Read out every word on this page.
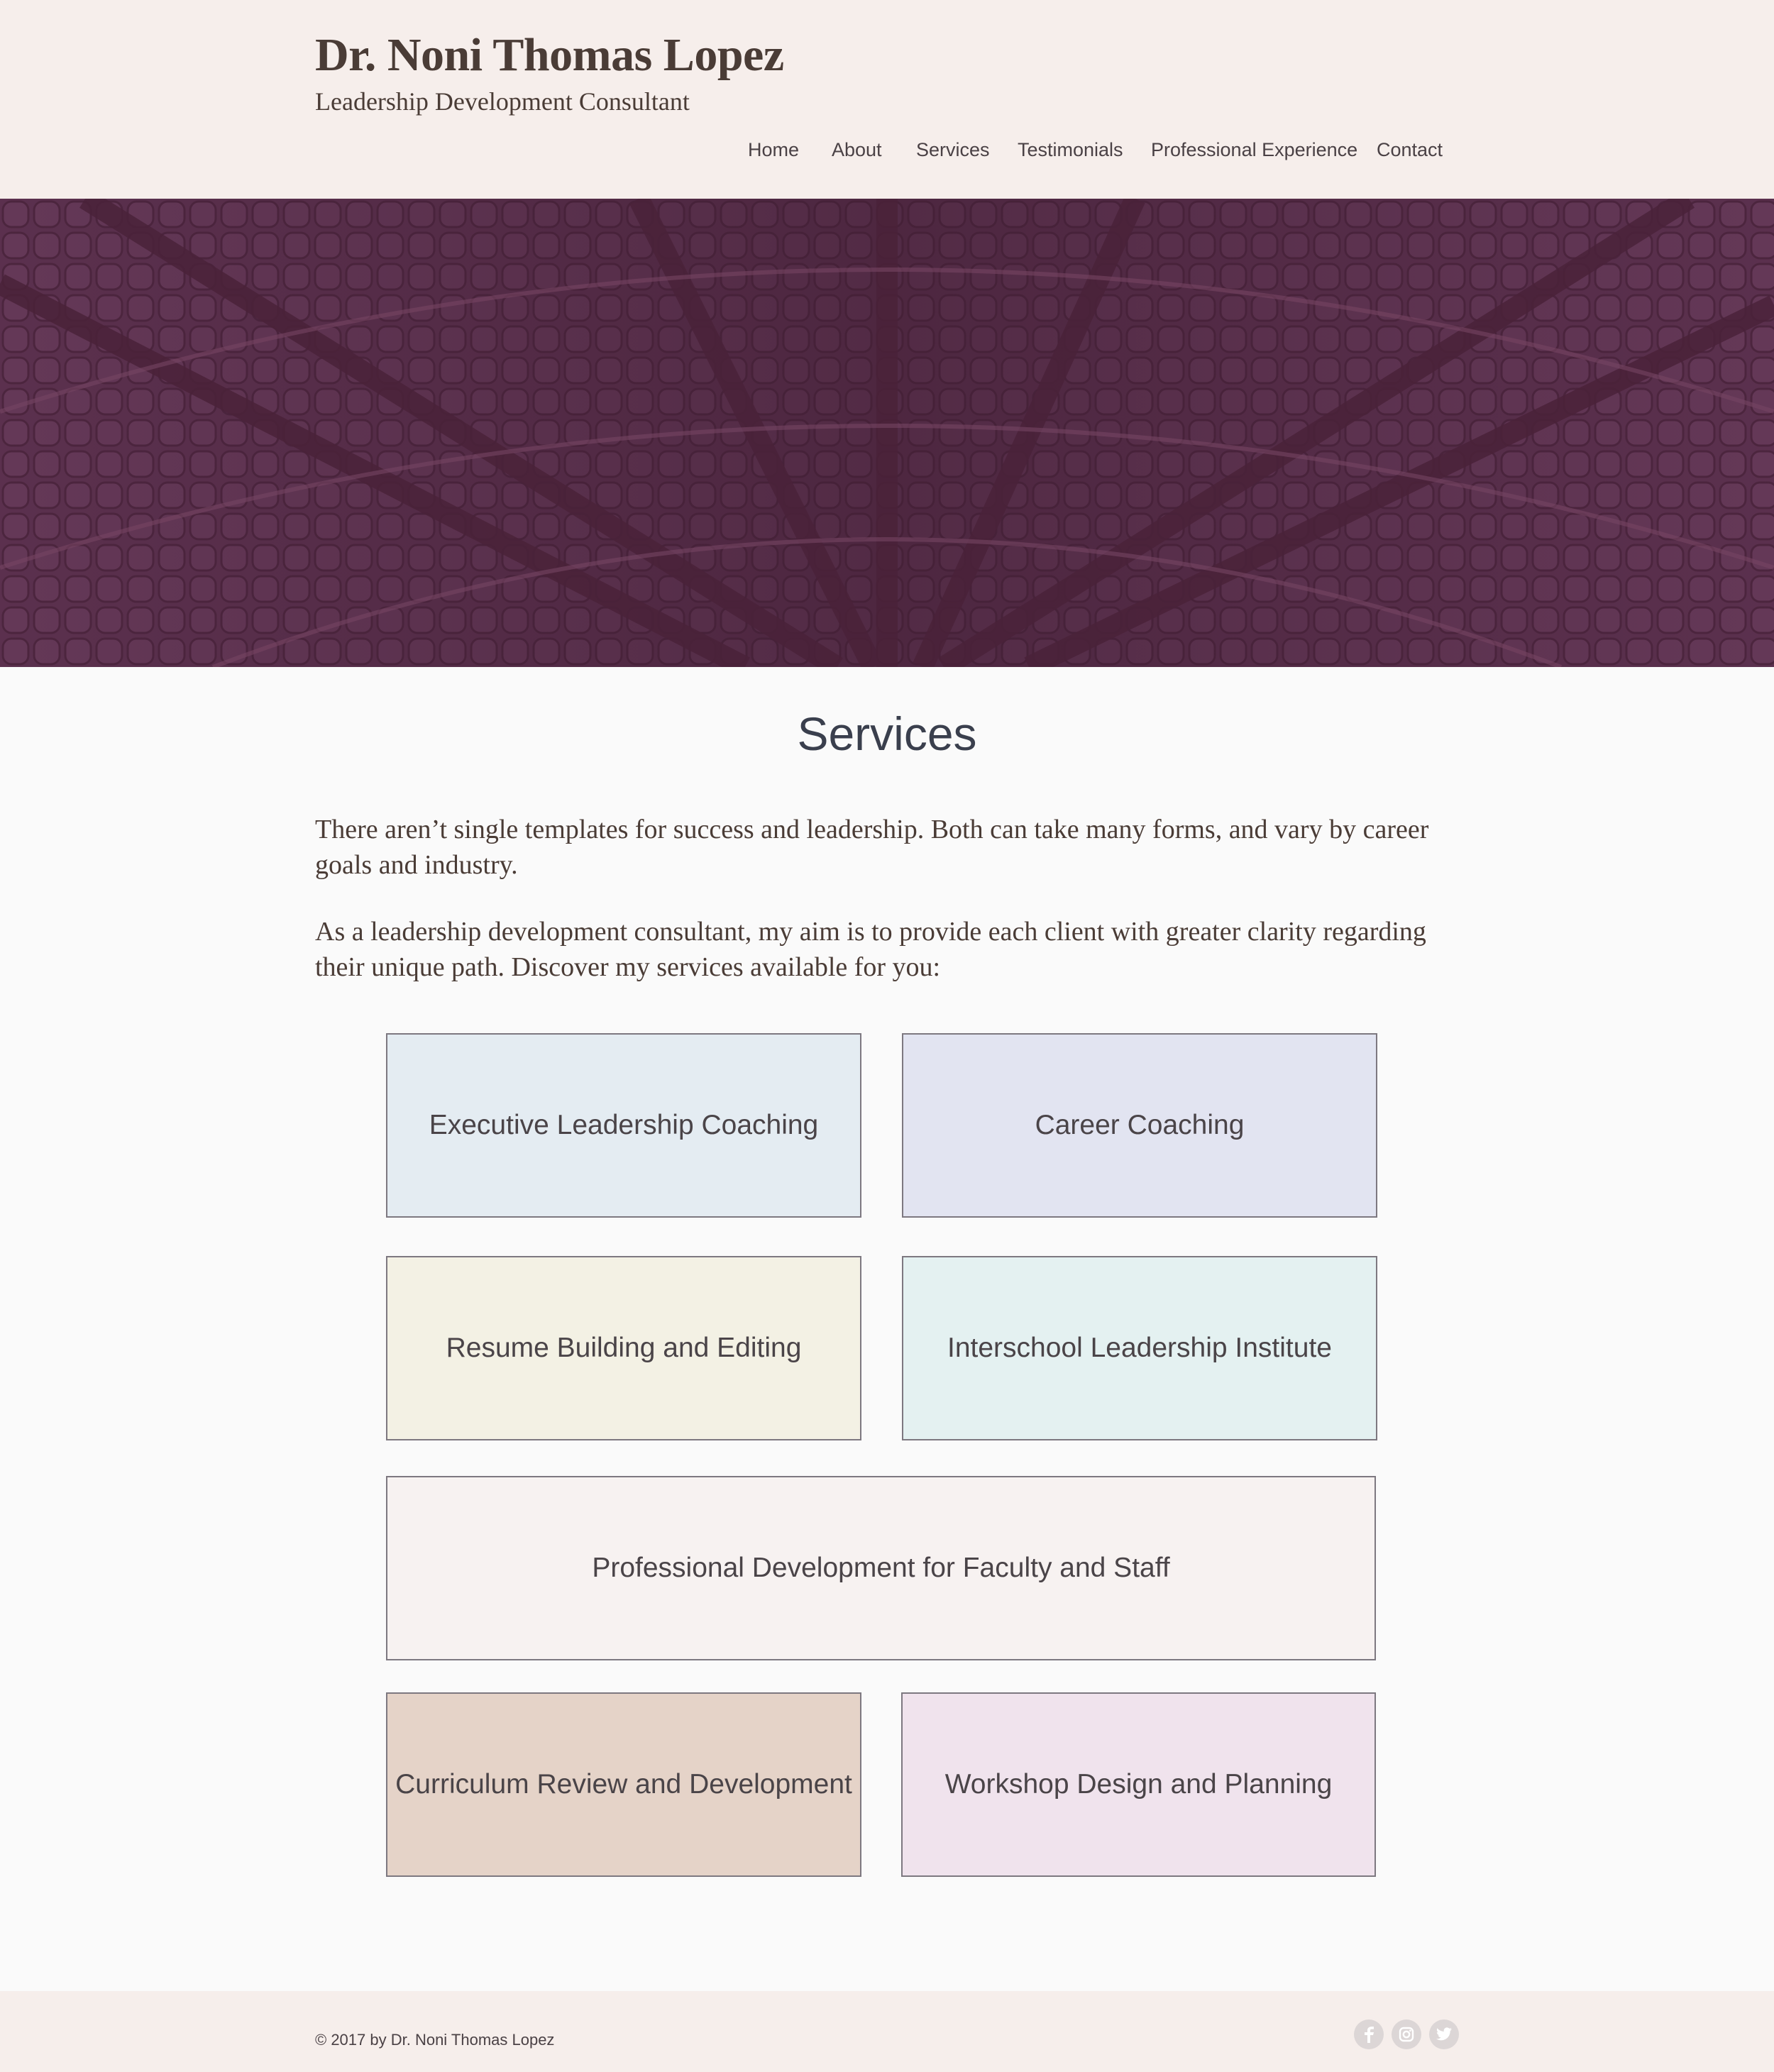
Dr. Noni Thomas Lopez

Leadership Development Consultant

Home About Services Testimonials Professional Experience Contact
Services

There aren’t single templates for success and leadership. Both can take many forms, and vary by career goals and industry.

As a leadership development consultant, my aim is to provide each client with greater clarity regarding their unique path. Discover my services available for you:

Executive Leadership Coaching	Career Coaching
Resume Building and Editing	Interschool Leadership Institute
Professional Development for Faculty and Staff
Curriculum Review and Development	Workshop Design and Planning
© 2017 by Dr. Noni Thomas Lopez
